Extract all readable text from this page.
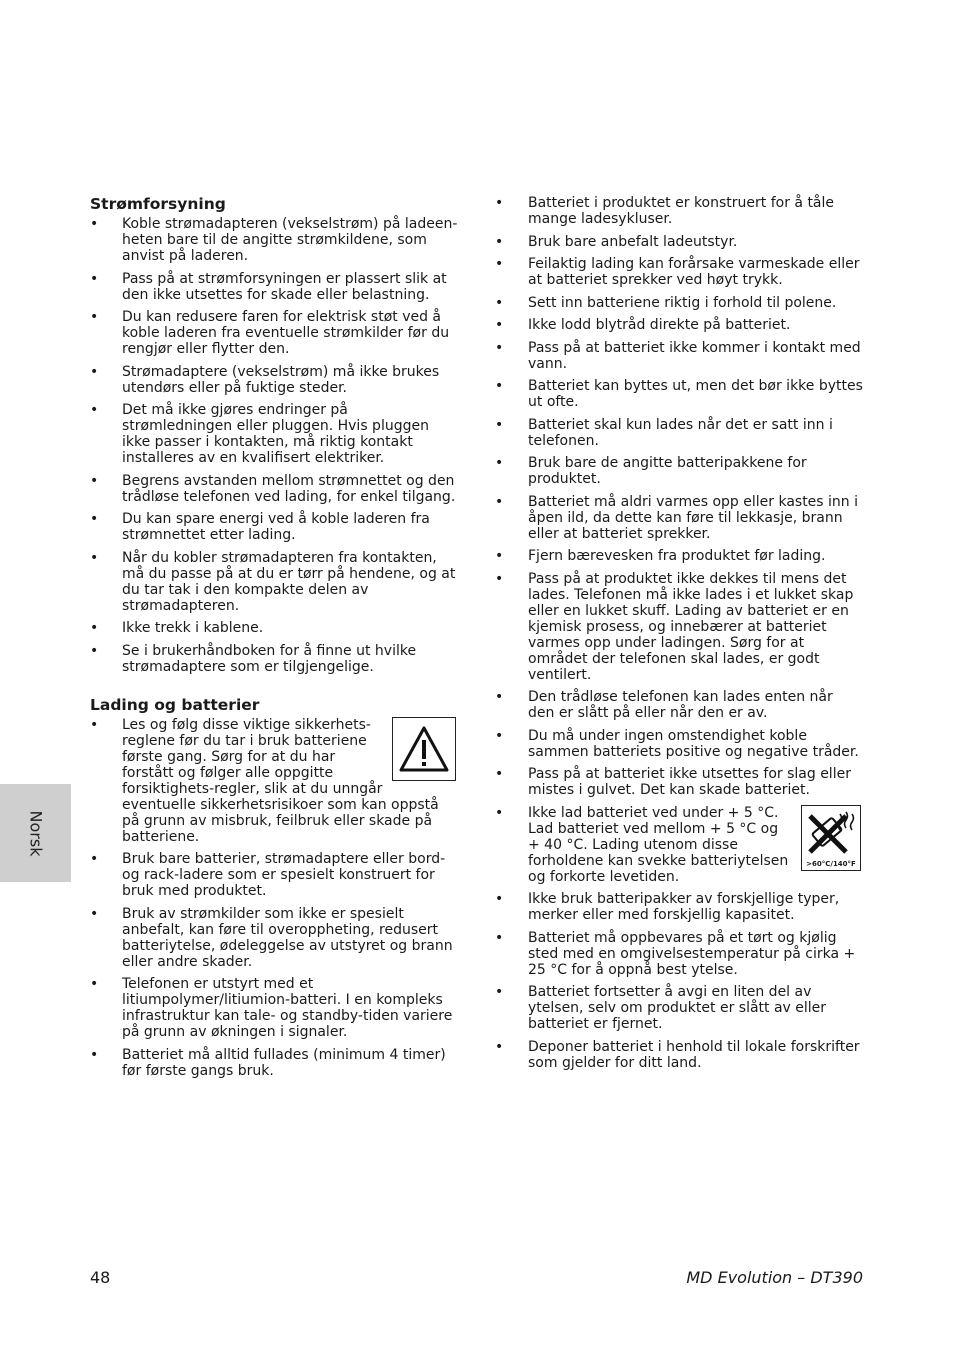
Strømforsyning
• Koble strømadapteren (vekselstrøm) på ladeen-heten bare til de angitte strømkildene, som anvist på laderen.
• Pass på at strømforsyningen er plassert slik at den ikke utsettes for skade eller belastning.
• Du kan redusere faren for elektrisk støt ved å koble laderen fra eventuelle strømkilder før du rengjør eller flytter den.
• Strømadaptere (vekselstrøm) må ikke brukes utendørs eller på fuktige steder.
• Det må ikke gjøres endringer på strømledningen eller pluggen. Hvis pluggen ikke passer i kontakten, må riktig kontakt installeres av en kvalifisert elektriker.
• Begrens avstanden mellom strømnettet og den trådløse telefonen ved lading, for enkel tilgang.
• Du kan spare energi ved å koble laderen fra strømnettet etter lading.
• Når du kobler strømadapteren fra kontakten, må du passe på at du er tørr på hendene, og at du tar tak i den kompakte delen av strømadapteren.
• Ikke trekk i kablene.
• Se i brukerhåndboken for å finne ut hvilke strømadaptere som er tilgjengelige.
Lading og batterier
• Les og følg disse viktige sikkerhets-reglene før du tar i bruk batteriene første gang. Sørg for at du har forstått og følger alle oppgitte forsiktighets-regler, slik at du unngår eventuelle sikkerhetsrisikoer som kan oppstå på grunn av misbruk, feilbruk eller skade på batteriene.
• Bruk bare batterier, strømadaptere eller bord- og rack-ladere som er spesielt konstruert for bruk med produktet.
• Bruk av strømkilder som ikke er spesielt anbefalt, kan føre til overoppheting, redusert batteriytelse, ødeleggelse av utstyret og brann eller andre skader.
• Telefonen er utstyrt med et litiumpolymer/litiumion-batteri. I en kompleks infrastruktur kan tale- og standby-tiden variere på grunn av økningen i signaler.
• Batteriet må alltid fullades (minimum 4 timer) før første gangs bruk.
• Batteriet i produktet er konstruert for å tåle mange ladesykluser.
• Bruk bare anbefalt ladeutstyr.
• Feilaktig lading kan forårsake varmeskade eller at batteriet sprekker ved høyt trykk.
• Sett inn batteriene riktig i forhold til polene.
• Ikke lodd blytråd direkte på batteriet.
• Pass på at batteriet ikke kommer i kontakt med vann.
• Batteriet kan byttes ut, men det bør ikke byttes ut ofte.
• Batteriet skal kun lades når det er satt inn i telefonen.
• Bruk bare de angitte batteripakkene for produktet.
• Batteriet må aldri varmes opp eller kastes inn i åpen ild, da dette kan føre til lekkasje, brann eller at batteriet sprekker.
• Fjern bærevesken fra produktet før lading.
• Pass på at produktet ikke dekkes til mens det lades. Telefonen må ikke lades i et lukket skap eller en lukket skuff. Lading av batteriet er en kjemisk prosess, og innebærer at batteriet varmes opp under ladingen. Sørg for at området der telefonen skal lades, er godt ventilert.
• Den trådløse telefonen kan lades enten når den er slått på eller når den er av.
• Du må under ingen omstendighet koble sammen batteriets positive og negative tråder.
• Pass på at batteriet ikke utsettes for slag eller mistes i gulvet. Det kan skade batteriet.
•
>60°C/140°F
Ikke lad batteriet ved under + 5 °C. Lad batteriet ved mellom + 5 °C og + 40 °C. Lading utenom disse forholdene kan svekke batteriytelsen og forkorte levetiden.
• Ikke bruk batteripakker av forskjellige typer, merker eller med forskjellig kapasitet.
• Batteriet må oppbevares på et tørt og kjølig sted med en omgivelsestemperatur på cirka + 25 °C for å oppnå best ytelse.
• Batteriet fortsetter å avgi en liten del av ytelsen, selv om produktet er slått av eller batteriet er fjernet.
• Deponer batteriet i henhold til lokale forskrifter som gjelder for ditt land.
Norsk
48	MD Evolution – DT390
